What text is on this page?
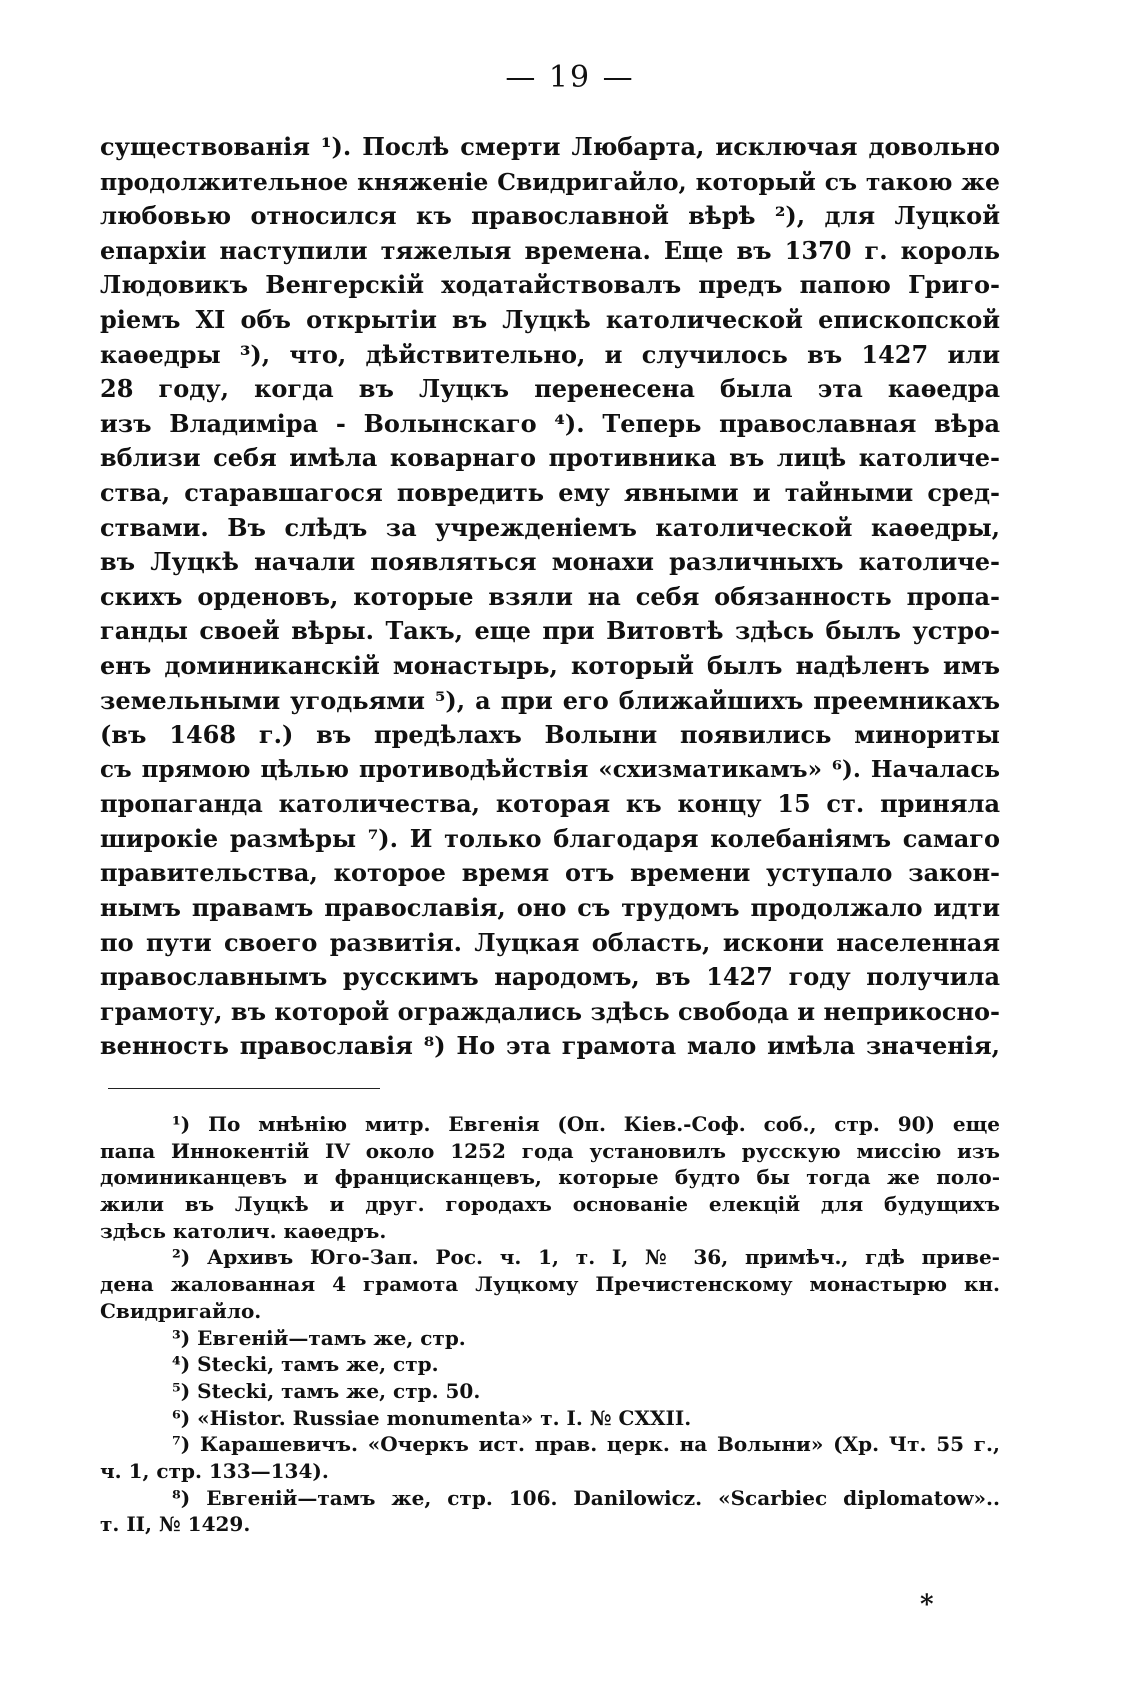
— 19 —
существованія ¹). Послѣ смерти Любарта, исключая довольно
продолжительное княженіе Свидригайло, который съ такою же
любовью относился къ православной вѣрѣ ²), для Луцкой
епархіи наступили тяжелыя времена. Еще въ 1370 г. король
Людовикъ Венгерскій ходатайствовалъ предъ папою Григо-
ріемъ XI объ открытіи въ Луцкѣ католической епископской
каѳедры ³), что, дѣйствительно, и случилось въ 1427 или
28 году, когда въ Луцкъ перенесена была эта каѳедра
изъ Владиміра - Волынскаго ⁴). Теперь православная вѣра
вблизи себя имѣла коварнаго противника въ лицѣ католиче-
ства, старавшагося повредить ему явными и тайными сред-
ствами. Въ слѣдъ за учрежденіемъ католической каѳедры,
въ Луцкѣ начали появляться монахи различныхъ католиче-
скихъ орденовъ, которые взяли на себя обязанность пропа-
ганды своей вѣры. Такъ, еще при Витовтѣ здѣсь былъ устро-
енъ доминиканскій монастырь, который былъ надѣленъ имъ
земельными угодьями ⁵), а при его ближайшихъ преемникахъ
(въ 1468 г.) въ предѣлахъ Волыни появились минориты
съ прямою цѣлью противодѣйствія «схизматикамъ» ⁶). Началась
пропаганда католичества, которая къ концу 15 ст. приняла
широкіе размѣры ⁷). И только благодаря колебаніямъ самаго
правительства, которое время отъ времени уступало закон-
нымъ правамъ православія, оно съ трудомъ продолжало идти
по пути своего развитія. Луцкая область, искони населенная
православнымъ русскимъ народомъ, въ 1427 году получила
грамоту, въ которой ограждались здѣсь свобода и неприкосно-
венность православія ⁸) Но эта грамота мало имѣла значенія,
¹) По мнѣнію митр. Евгенія (Оп. Кіев.-Соф. соб., стр. 90) еще
папа Иннокентій IV около 1252 года установилъ русскую миссію изъ
доминиканцевъ и францисканцевъ, которые будто бы тогда же поло-
жили въ Луцкѣ и друг. городахъ основаніе елекцій для будущихъ
здѣсь католич. каѳедръ.
²) Архивъ Юго-Зап. Рос. ч. 1, т. I, № 36, примѣч., гдѣ приве-
дена жалованная 4 грамота Луцкому Пречистенскому монастырю кн.
Свидригайло.
³) Евгеній—тамъ же, стр.
⁴) Stecki, тамъ же, стр.
⁵) Stecki, тамъ же, стр. 50.
⁶) «Histor. Russiae monumenta» т. I. № CXXII.
⁷) Карашевичъ. «Очеркъ ист. прав. церк. на Волыни» (Хр. Чт. 55 г.,
ч. 1, стр. 133—134).
⁸) Евгеній—тамъ же, стр. 106. Danilowicz. «Scarbiec diplomatow»..
т. II, № 1429.
*
